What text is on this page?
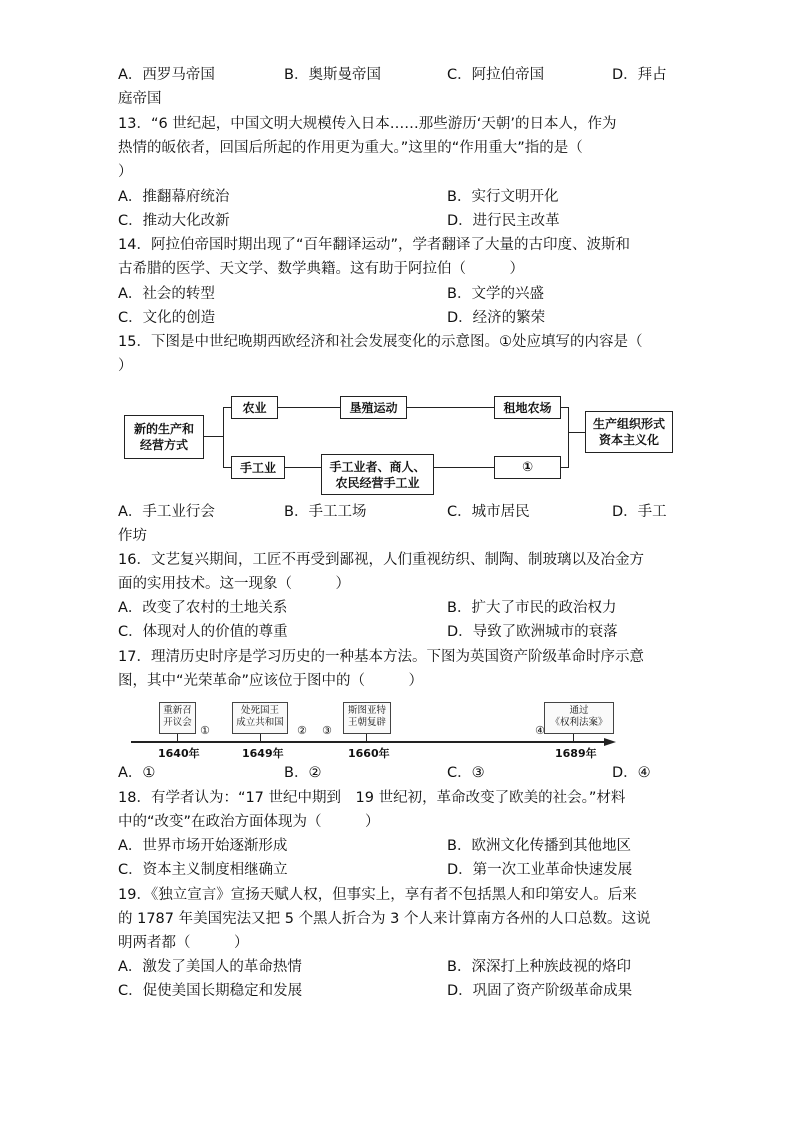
A．西罗马帝国	B．奥斯曼帝国	C．阿拉伯帝国	D．拜占
庭帝国
13．“6 世纪起，中国文明大规模传入日本……那些游历‘天朝’的日本人，作为
热情的皈依者，回国后所起的作用更为重大。”这里的“作用重大”指的是（
）
A．推翻幕府统治	B．实行文明开化
C．推动大化改新	D．进行民主改革
14．阿拉伯帝国时期出现了“百年翻译运动”，学者翻译了大量的古印度、波斯和
古希腊的医学、天文学、数学典籍。这有助于阿拉伯（　　　）
A．社会的转型	B．文学的兴盛
C．文化的创造	D．经济的繁荣
15．下图是中世纪晚期西欧经济和社会发展变化的示意图。①处应填写的内容是（
）
新的生产和
经营方式
农业	垦殖运动	租地农场
手工业	手工业者、商人、
农民经营手工业
①
生产组织形式
资本主义化
A．手工业行会	B．手工工场	C．城市居民	D．手工
作坊
16．文艺复兴期间，工匠不再受到鄙视，人们重视纺织、制陶、制玻璃以及冶金方
面的实用技术。这一现象（　　　）
A．改变了农村的土地关系	B．扩大了市民的政治权力
C．体现对人的价值的尊重	D．导致了欧洲城市的衰落
17．理清历史时序是学习历史的一种基本方法。下图为英国资产阶级革命时序示意
图，其中“光荣革命”应该位于图中的（　　　）
重新召
开议会
处死国王
成立共和国
斯图亚特
王朝复辟
通过
《权利法案》
①	② ③	④
1640年	1649年	1660年	1689年
A．①	B．②	C．③	D．④
18．有学者认为：“17 世纪中期到　19 世纪初，革命改变了欧美的社会。”材料
中的“改变”在政治方面体现为（　　　）
A．世界市场开始逐渐形成	B．欧洲文化传播到其他地区
C．资本主义制度相继确立	D．第一次工业革命快速发展
19．《独立宣言》宣扬天赋人权，但事实上，享有者不包括黑人和印第安人。后来
的 1787 年美国宪法又把 5 个黑人折合为 3 个人来计算南方各州的人口总数。这说
明两者都（　　　）
A．激发了美国人的革命热情	B．深深打上种族歧视的烙印
C．促使美国长期稳定和发展	D．巩固了资产阶级革命成果
